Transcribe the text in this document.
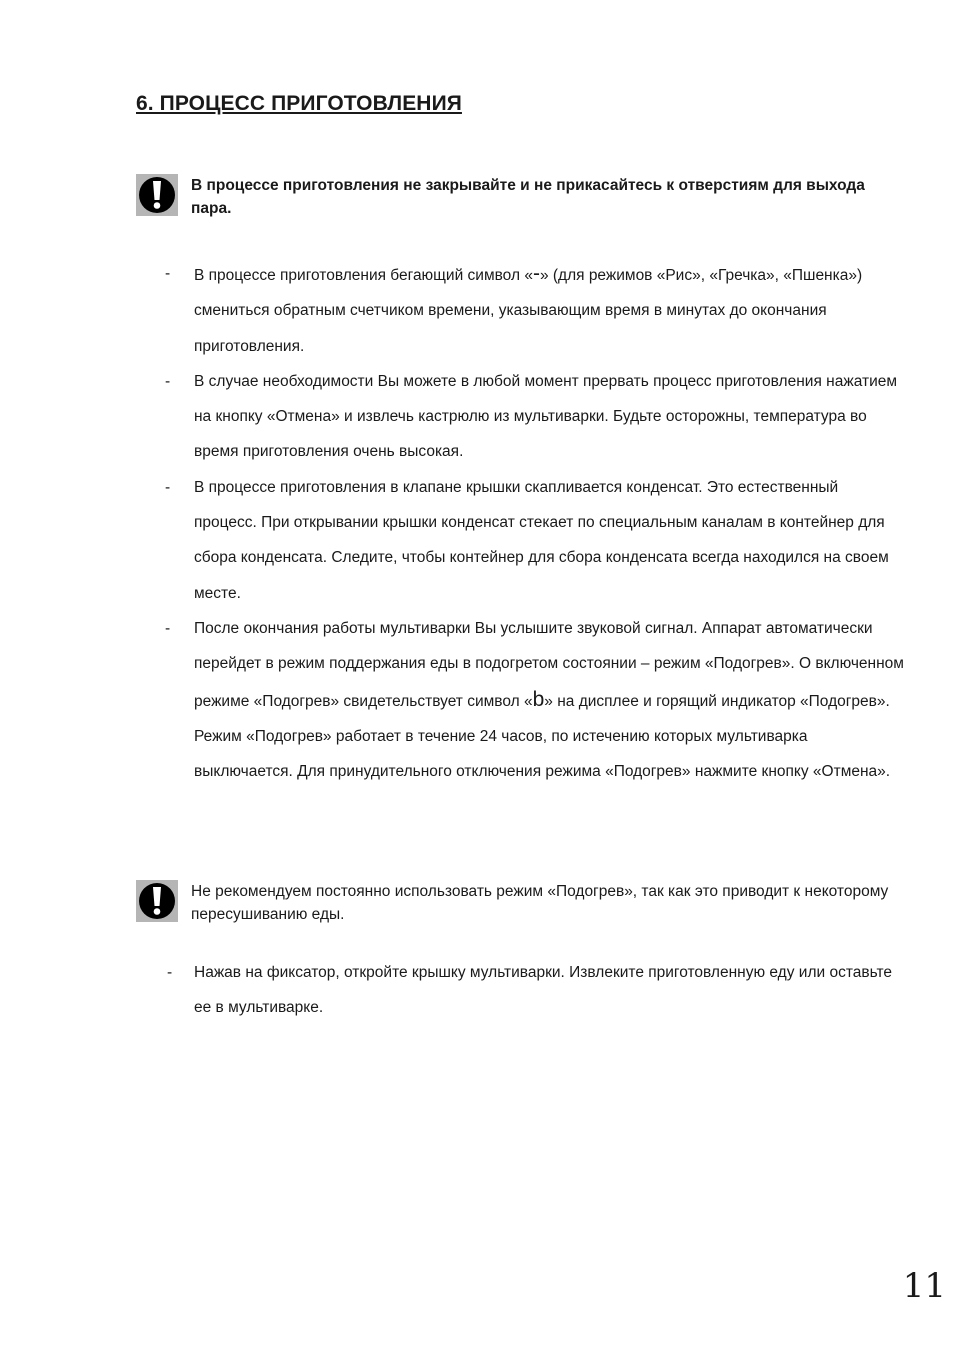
6. ПРОЦЕСС ПРИГОТОВЛЕНИЯ
В процессе приготовления не закрывайте и не прикасайтесь к отверстиям для выхода пара.
- В процессе приготовления бегающий символ «-» (для режимов «Рис», «Гречка», «Пшенка») смениться обратным счетчиком времени, указывающим время в минутах до окончания приготовления.
- В случае необходимости Вы можете в любой момент прервать процесс приготовления нажатием на кнопку «Отмена» и извлечь кастрюлю из мультиварки. Будьте осторожны, температура во время приготовления очень высокая.
- В процессе приготовления в клапане крышки скапливается конденсат. Это естественный процесс. При открывании крышки конденсат стекает по специальным каналам в контейнер для сбора конденсата. Следите, чтобы контейнер для сбора конденсата всегда находился на своем месте.
- После окончания работы мультиварки Вы услышите звуковой сигнал. Аппарат автоматически перейдет в режим поддержания еды в подогретом состоянии – режим «Подогрев». О включенном режиме «Подогрев» свидетельствует символ «b» на дисплее и горящий индикатор «Подогрев». Режим «Подогрев» работает в течение 24 часов, по истечению которых мультиварка выключается. Для принудительного отключения режима «Подогрев» нажмите кнопку «Отмена».
Не рекомендуем постоянно использовать режим «Подогрев», так как это приводит к некоторому пересушиванию еды.
- Нажав на фиксатор, откройте крышку мультиварки. Извлеките приготовленную еду или оставьте ее в мультиварке.
11
